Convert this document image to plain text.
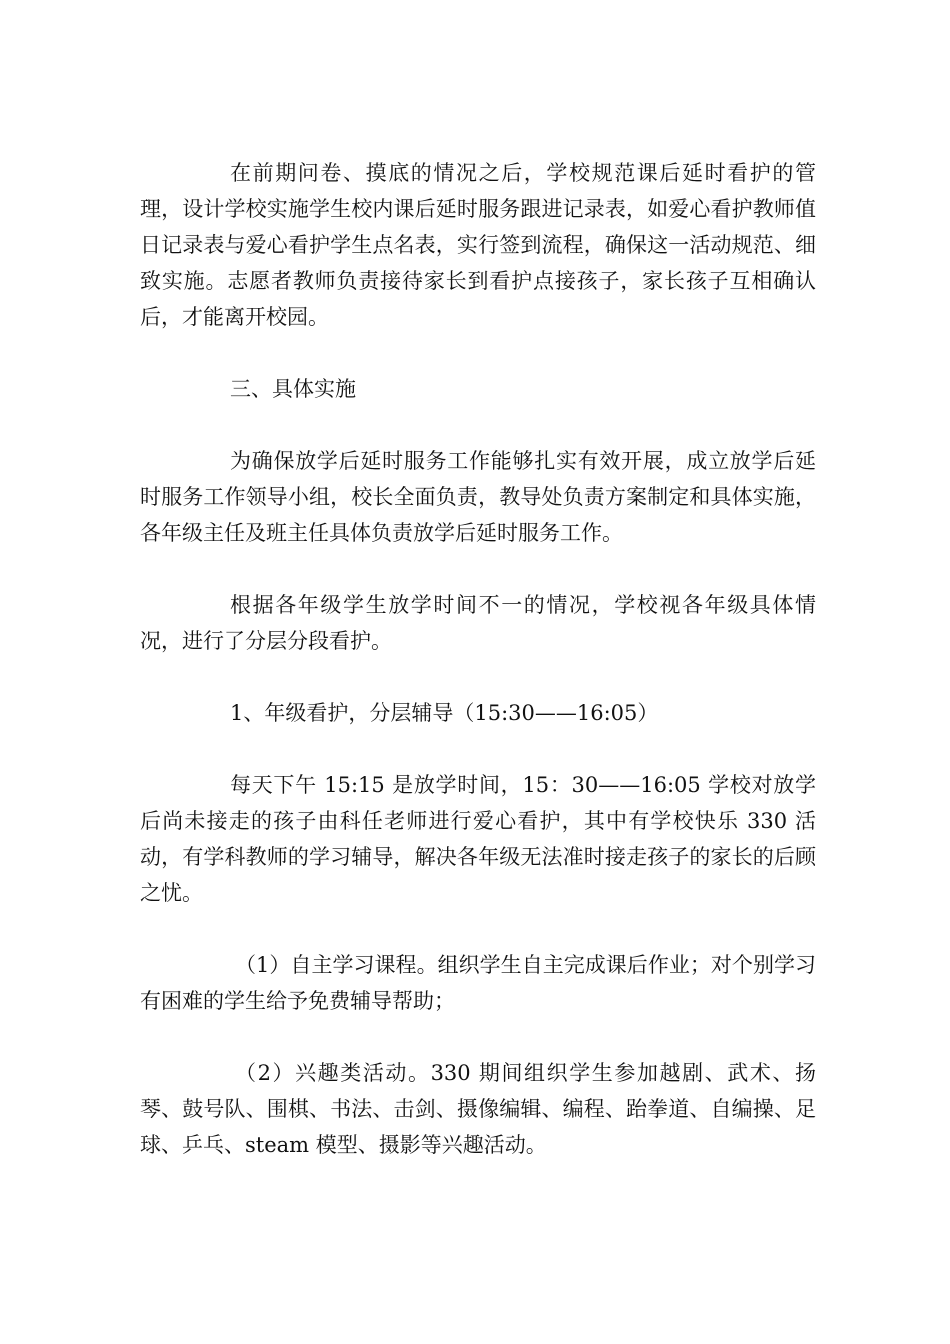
在前期问卷、摸底的情况之后，学校规范课后延时看护的管理，设计学校实施学生校内课后延时服务跟进记录表，如爱心看护教师值日记录表与爱心看护学生点名表，实行签到流程，确保这一活动规范、细致实施。志愿者教师负责接待家长到看护点接孩子，家长孩子互相确认后，才能离开校园。

三、具体实施

为确保放学后延时服务工作能够扎实有效开展，成立放学后延时服务工作领导小组，校长全面负责，教导处负责方案制定和具体实施，各年级主任及班主任具体负责放学后延时服务工作。

根据各年级学生放学时间不一的情况，学校视各年级具体情况，进行了分层分段看护。

1、年级看护，分层辅导（15:30——16:05）

每天下午 15:15 是放学时间，15：30——16:05 学校对放学后尚未接走的孩子由科任老师进行爱心看护，其中有学校快乐 330 活动，有学科教师的学习辅导，解决各年级无法准时接走孩子的家长的后顾之忧。

（1）自主学习课程。组织学生自主完成课后作业；对个别学习有困难的学生给予免费辅导帮助；

（2）兴趣类活动。330 期间组织学生参加越剧、武术、扬琴、鼓号队、围棋、书法、击剑、摄像编辑、编程、跆拳道、自编操、足球、乒乓、steam 模型、摄影等兴趣活动。
